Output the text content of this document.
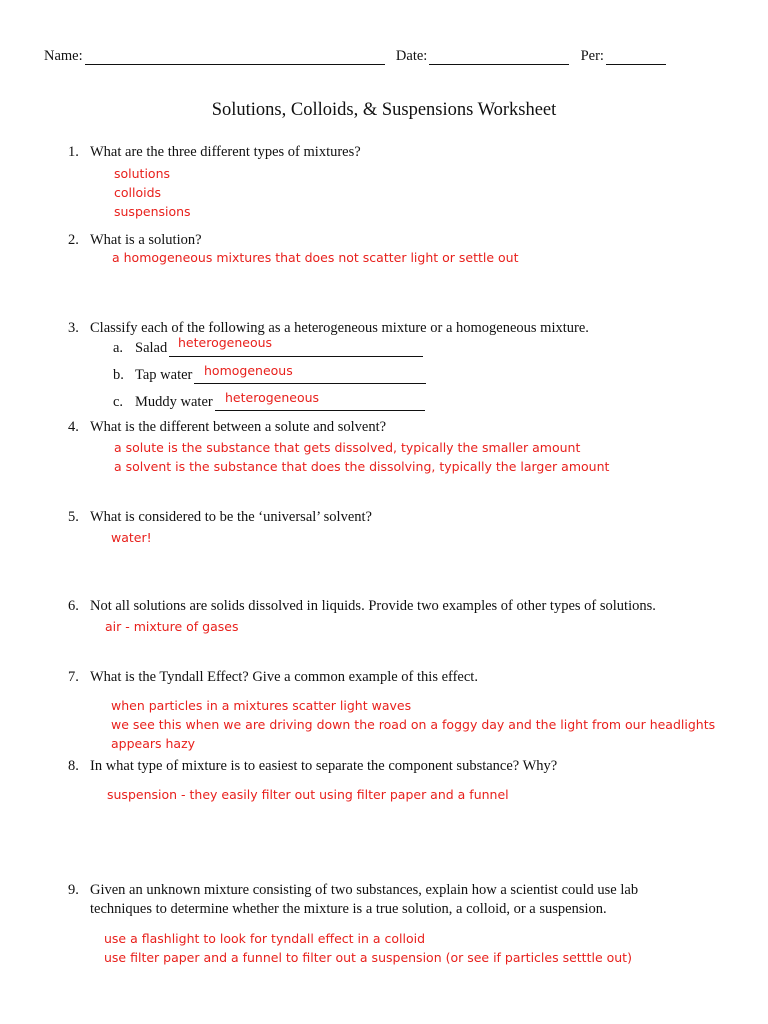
Name:	Date:	Per:
Solutions, Colloids, & Suspensions Worksheet
1. What are the three different types of mixtures?
solutions
colloids
suspensions
2. What is a solution?
a homogeneous mixtures that does not scatter light or settle out
3. Classify each of the following as a heterogeneous mixture or a homogeneous mixture.
a. Salad heterogeneous
b. Tap water homogeneous
c. Muddy water heterogeneous
4. What is the different between a solute and solvent?
a solute is the substance that gets dissolved, typically the smaller amount
a solvent is the substance that does the dissolving, typically the larger amount
5. What is considered to be the ‘universal’ solvent?
water!
6. Not all solutions are solids dissolved in liquids. Provide two examples of other types of solutions.
air - mixture of gases
7. What is the Tyndall Effect? Give a common example of this effect.
when particles in a mixtures scatter light waves
we see this when we are driving down the road on a foggy day and the light from our headlights
appears hazy
8. In what type of mixture is to easiest to separate the component substance? Why?
suspension - they easily filter out using filter paper and a funnel
9. Given an unknown mixture consisting of two substances, explain how a scientist could use lab
techniques to determine whether the mixture is a true solution, a colloid, or a suspension.
use a flashlight to look for tyndall effect in a colloid
use filter paper and a funnel to filter out a suspension (or see if particles setttle out)
